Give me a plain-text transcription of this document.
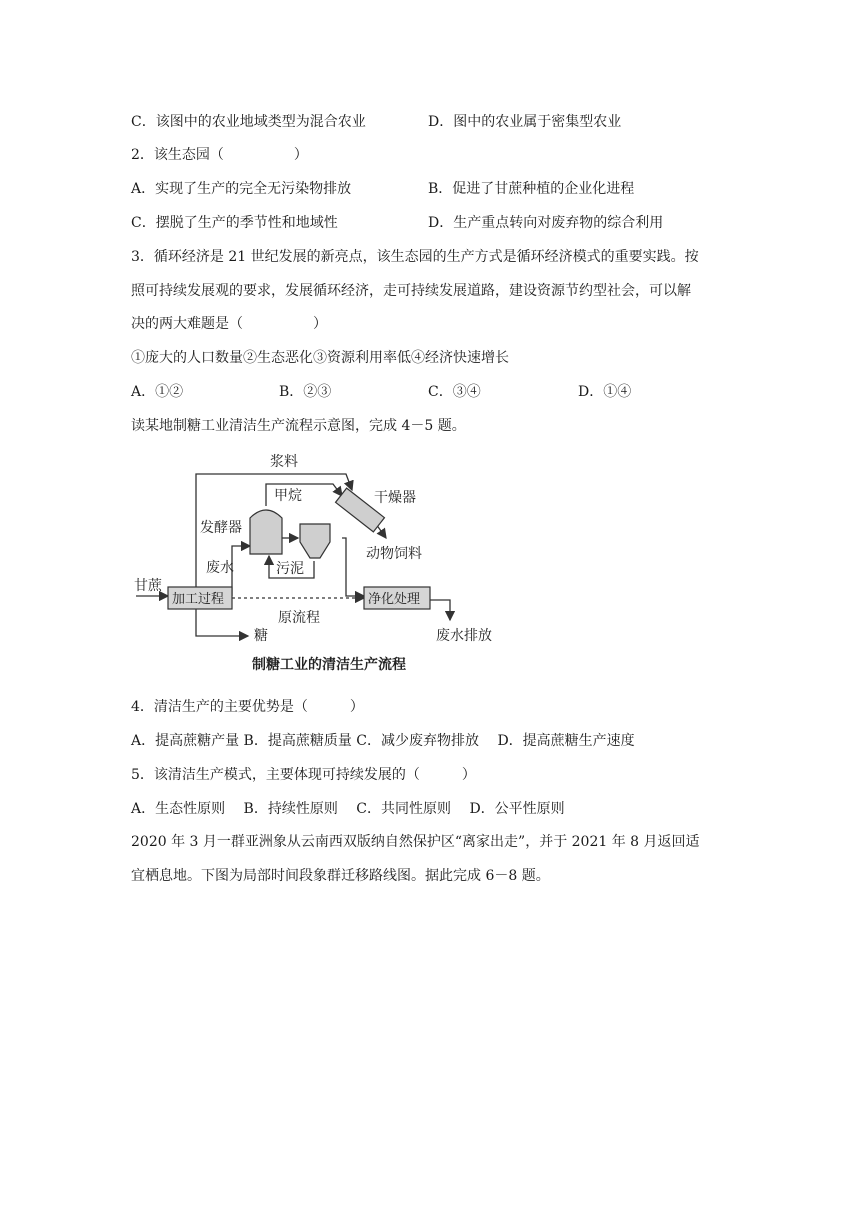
C．该图中的农业地域类型为混合农业	D．图中的农业属于密集型农业
2．该生态园（　　　　　）
A．实现了生产的完全无污染物排放	B．促进了甘蔗种植的企业化进程
C．摆脱了生产的季节性和地域性	D．生产重点转向对废弃物的综合利用
3．循环经济是 21 世纪发展的新亮点，该生态园的生产方式是循环经济模式的重要实践。按
照可持续发展观的要求，发展循环经济，走可持续发展道路，建设资源节约型社会，可以解
决的两大难题是（　　　　　）
①庞大的人口数量②生态恶化③资源利用率低④经济快速增长
A．①②	B．②③	C．③④	D．①④
读某地制糖工业清洁生产流程示意图，完成 4－5 题。
浆料
甲烷	干燥器
发酵器
动物饲料
废水	污泥
甘蔗
加工过程	净化处理
原流程
糖	废水排放
制糖工业的清洁生产流程
4．清洁生产的主要优势是（　　　）
A．提高蔗糖产量 B．提高蔗糖质量 C．减少废弃物排放　 D．提高蔗糖生产速度
5．该清洁生产模式，主要体现可持续发展的（　　　）
A．生态性原则　 B．持续性原则　 C．共同性原则　 D．公平性原则
2020 年 3 月一群亚洲象从云南西双版纳自然保护区“离家出走”，并于 2021 年 8 月返回适
宜栖息地。下图为局部时间段象群迁移路线图。据此完成 6－8 题。
